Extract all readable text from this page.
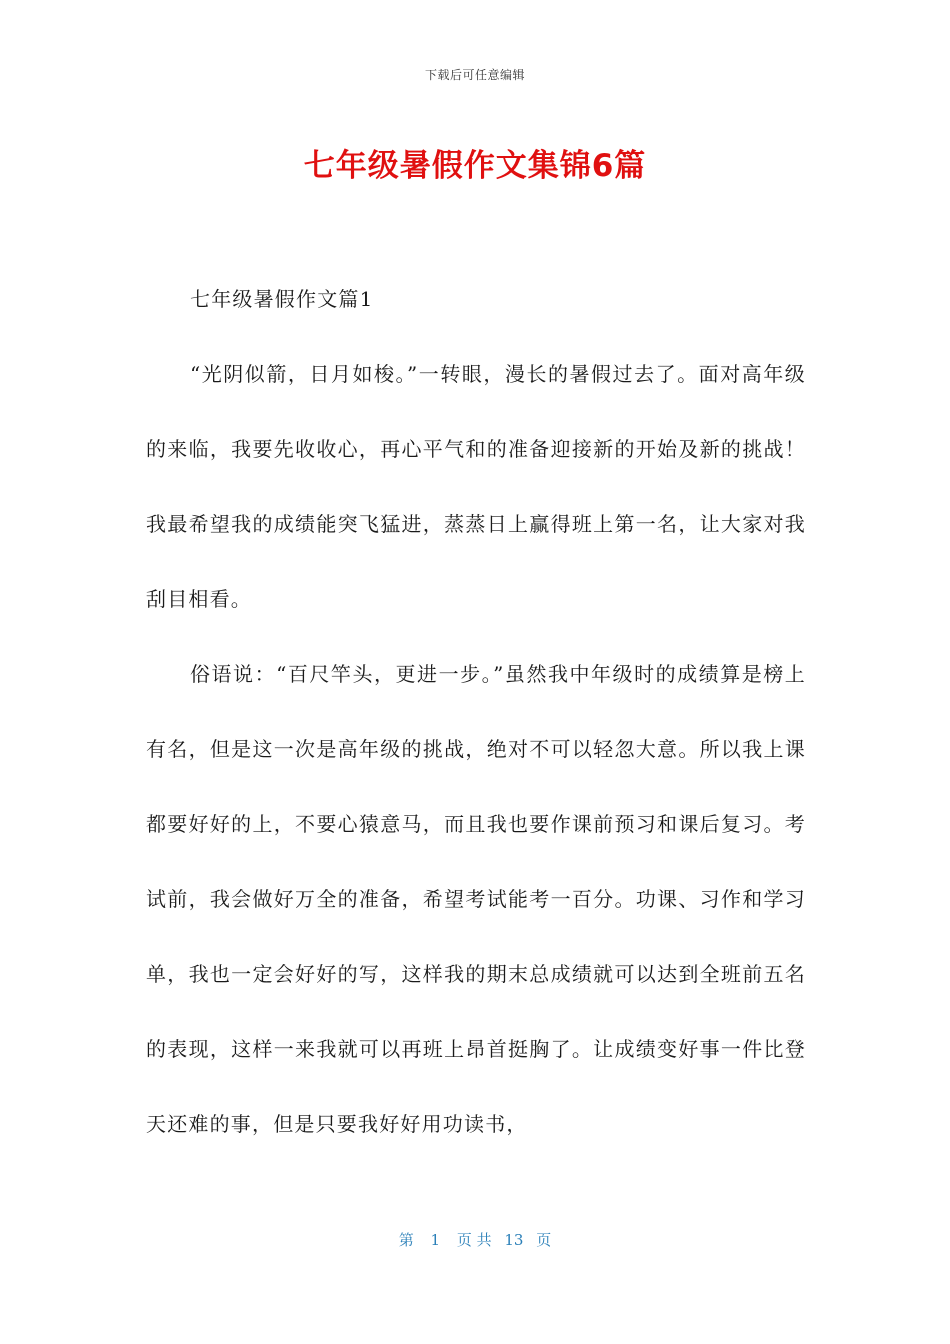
下载后可任意编辑
七年级暑假作文集锦6篇

七年级暑假作文篇1

“光阴似箭，日月如梭。”一转眼，漫长的暑假过去了。面对高年级的来临，我要先收收心，再心平气和的准备迎接新的开始及新的挑战！我最希望我的成绩能突飞猛进，蒸蒸日上赢得班上第一名，让大家对我刮目相看。

俗语说：“百尺竿头，更进一步。”虽然我中年级时的成绩算是榜上有名，但是这一次是高年级的挑战，绝对不可以轻忽大意。所以我上课都要好好的上，不要心猿意马，而且我也要作课前预习和课后复习。考试前，我会做好万全的准备，希望考试能考一百分。功课、习作和学习单，我也一定会好好的写，这样我的期末总成绩就可以达到全班前五名的表现，这样一来我就可以再班上昂首挺胸了。让成绩变好事一件比登天还难的事，但是只要我好好用功读书，

第 1 页 共 13 页
